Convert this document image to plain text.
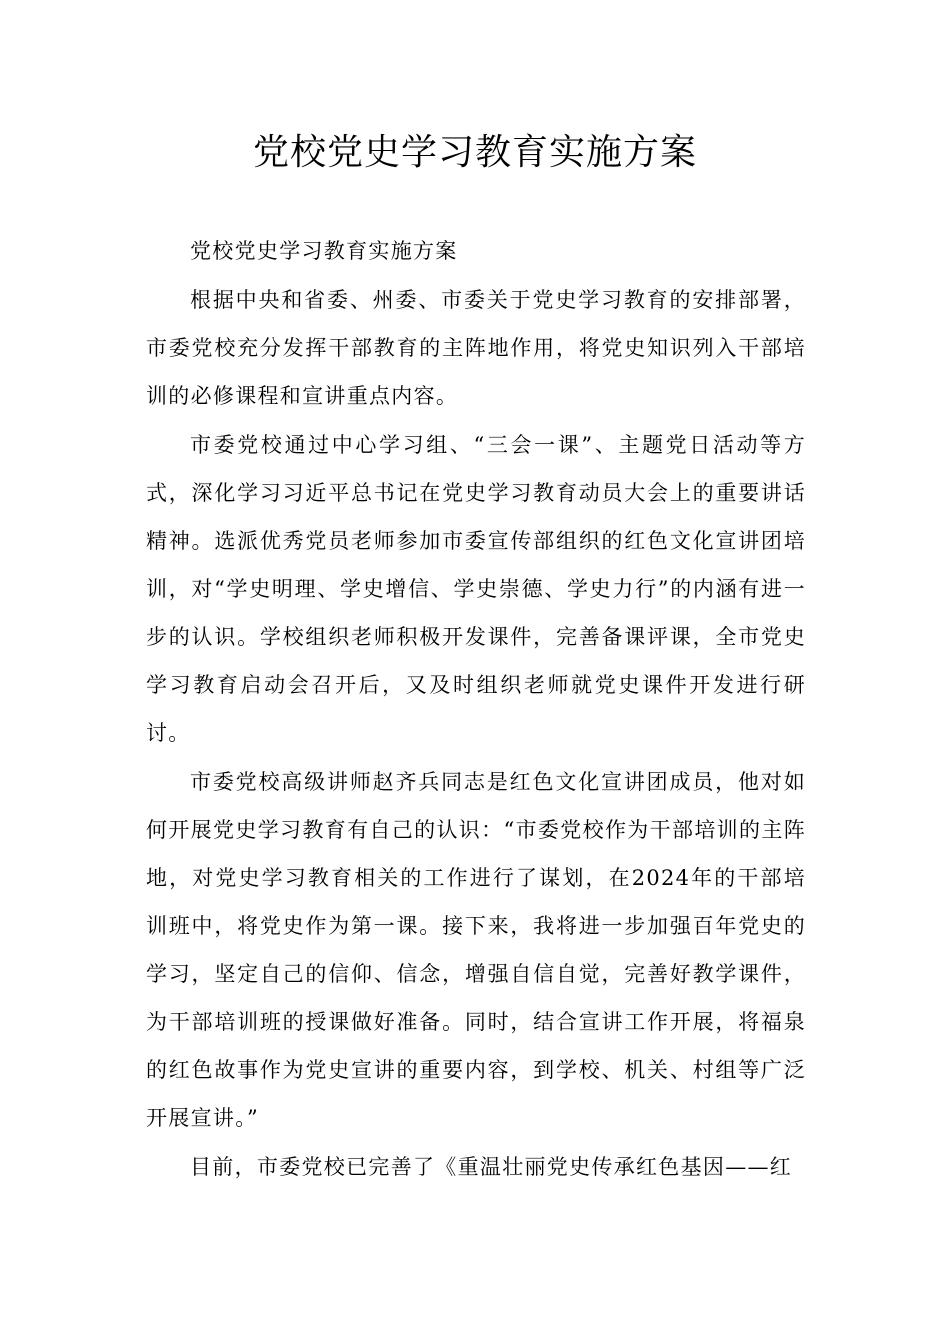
党校党史学习教育实施方案

党校党史学习教育实施方案

根据中央和省委、州委、市委关于党史学习教育的安排部署，市委党校充分发挥干部教育的主阵地作用，将党史知识列入干部培训的必修课程和宣讲重点内容。

市委党校通过中心学习组、“三会一课”、主题党日活动等方式，深化学习习近平总书记在党史学习教育动员大会上的重要讲话精神。选派优秀党员老师参加市委宣传部组织的红色文化宣讲团培训，对“学史明理、学史增信、学史崇德、学史力行”的内涵有进一步的认识。学校组织老师积极开发课件，完善备课评课，全市党史学习教育启动会召开后，又及时组织老师就党史课件开发进行研讨。

市委党校高级讲师赵齐兵同志是红色文化宣讲团成员，他对如何开展党史学习教育有自己的认识：“市委党校作为干部培训的主阵地，对党史学习教育相关的工作进行了谋划，在2024年的干部培训班中，将党史作为第一课。接下来，我将进一步加强百年党史的学习，坚定自己的信仰、信念，增强自信自觉，完善好教学课件，为干部培训班的授课做好准备。同时，结合宣讲工作开展，将福泉的红色故事作为党史宣讲的重要内容，到学校、机关、村组等广泛开展宣讲。”

目前，市委党校已完善了《重温壮丽党史传承红色基因——红
